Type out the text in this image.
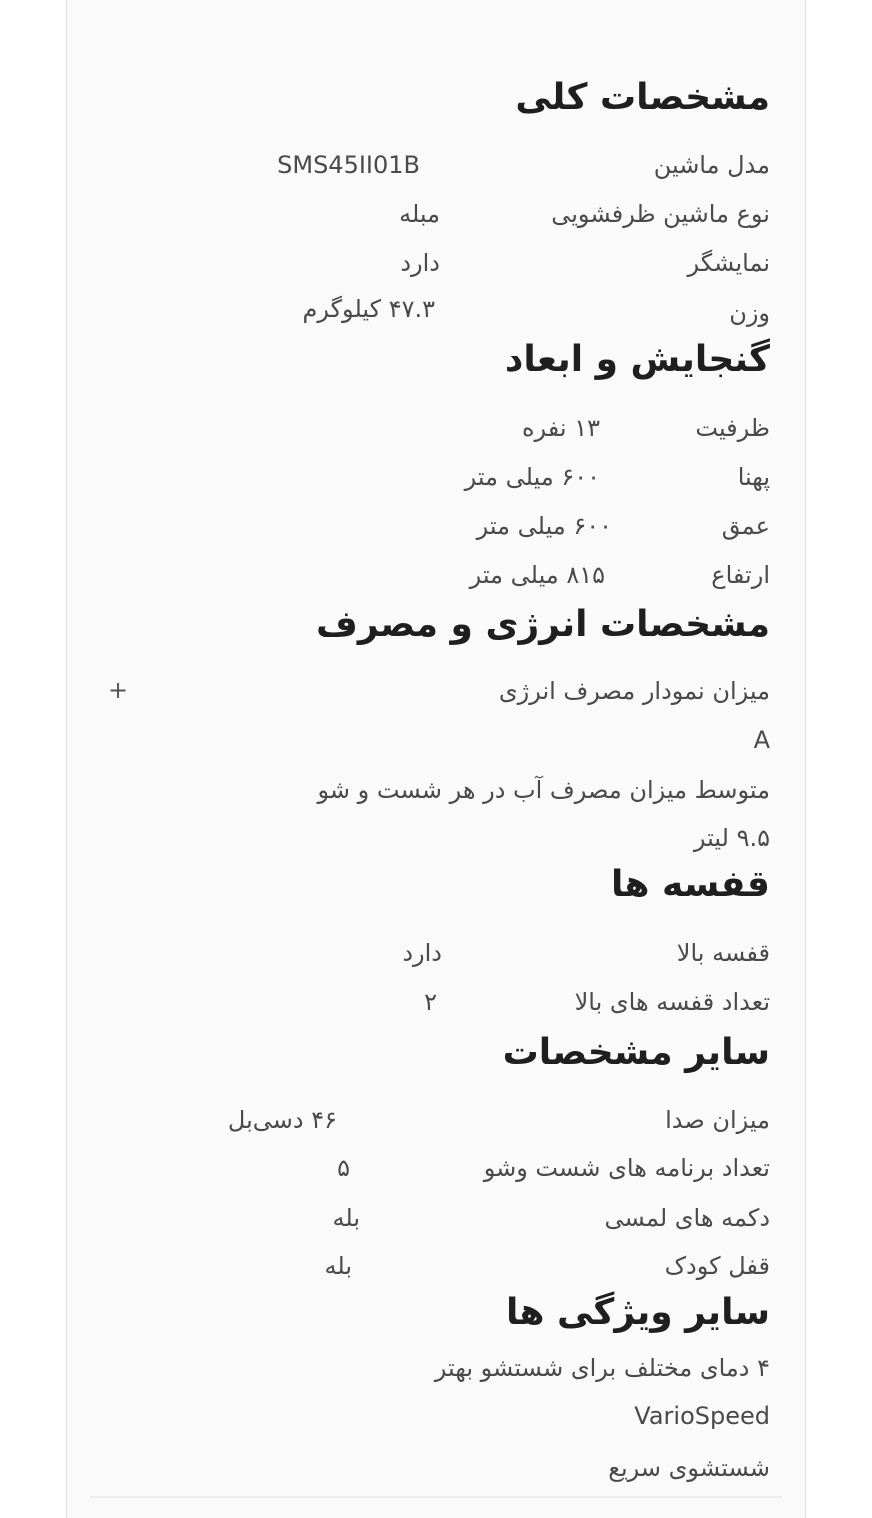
مشخصات کلی
مدل ماشین
SMS45II01B
نوع ماشین ظرفشویی
مبله
نمایشگر
دارد
وزن
۴۷.۳ کیلوگرم
گنجایش و ابعاد
ظرفیت
۱۳ نفره
پهنا
۶۰۰ میلی متر
عمق
۶۰۰ میلی متر
ارتفاع
۸۱۵ میلی متر
مشخصات انرژی و مصرف
میزان نمودار مصرف انرژی
+
A
متوسط میزان مصرف آب در هر شست و شو
۹.۵ لیتر
قفسه ها
قفسه بالا
دارد
تعداد قفسه های بالا
۲
سایر مشخصات
میزان صدا
۴۶ دسی‌بل
تعداد برنامه های شست وشو
۵
دکمه های لمسی
بله
قفل کودک
بله
سایر ویژگی ها
۴ دمای مختلف برای شستشو بهتر
VarioSpeed
شستشوی سریع
